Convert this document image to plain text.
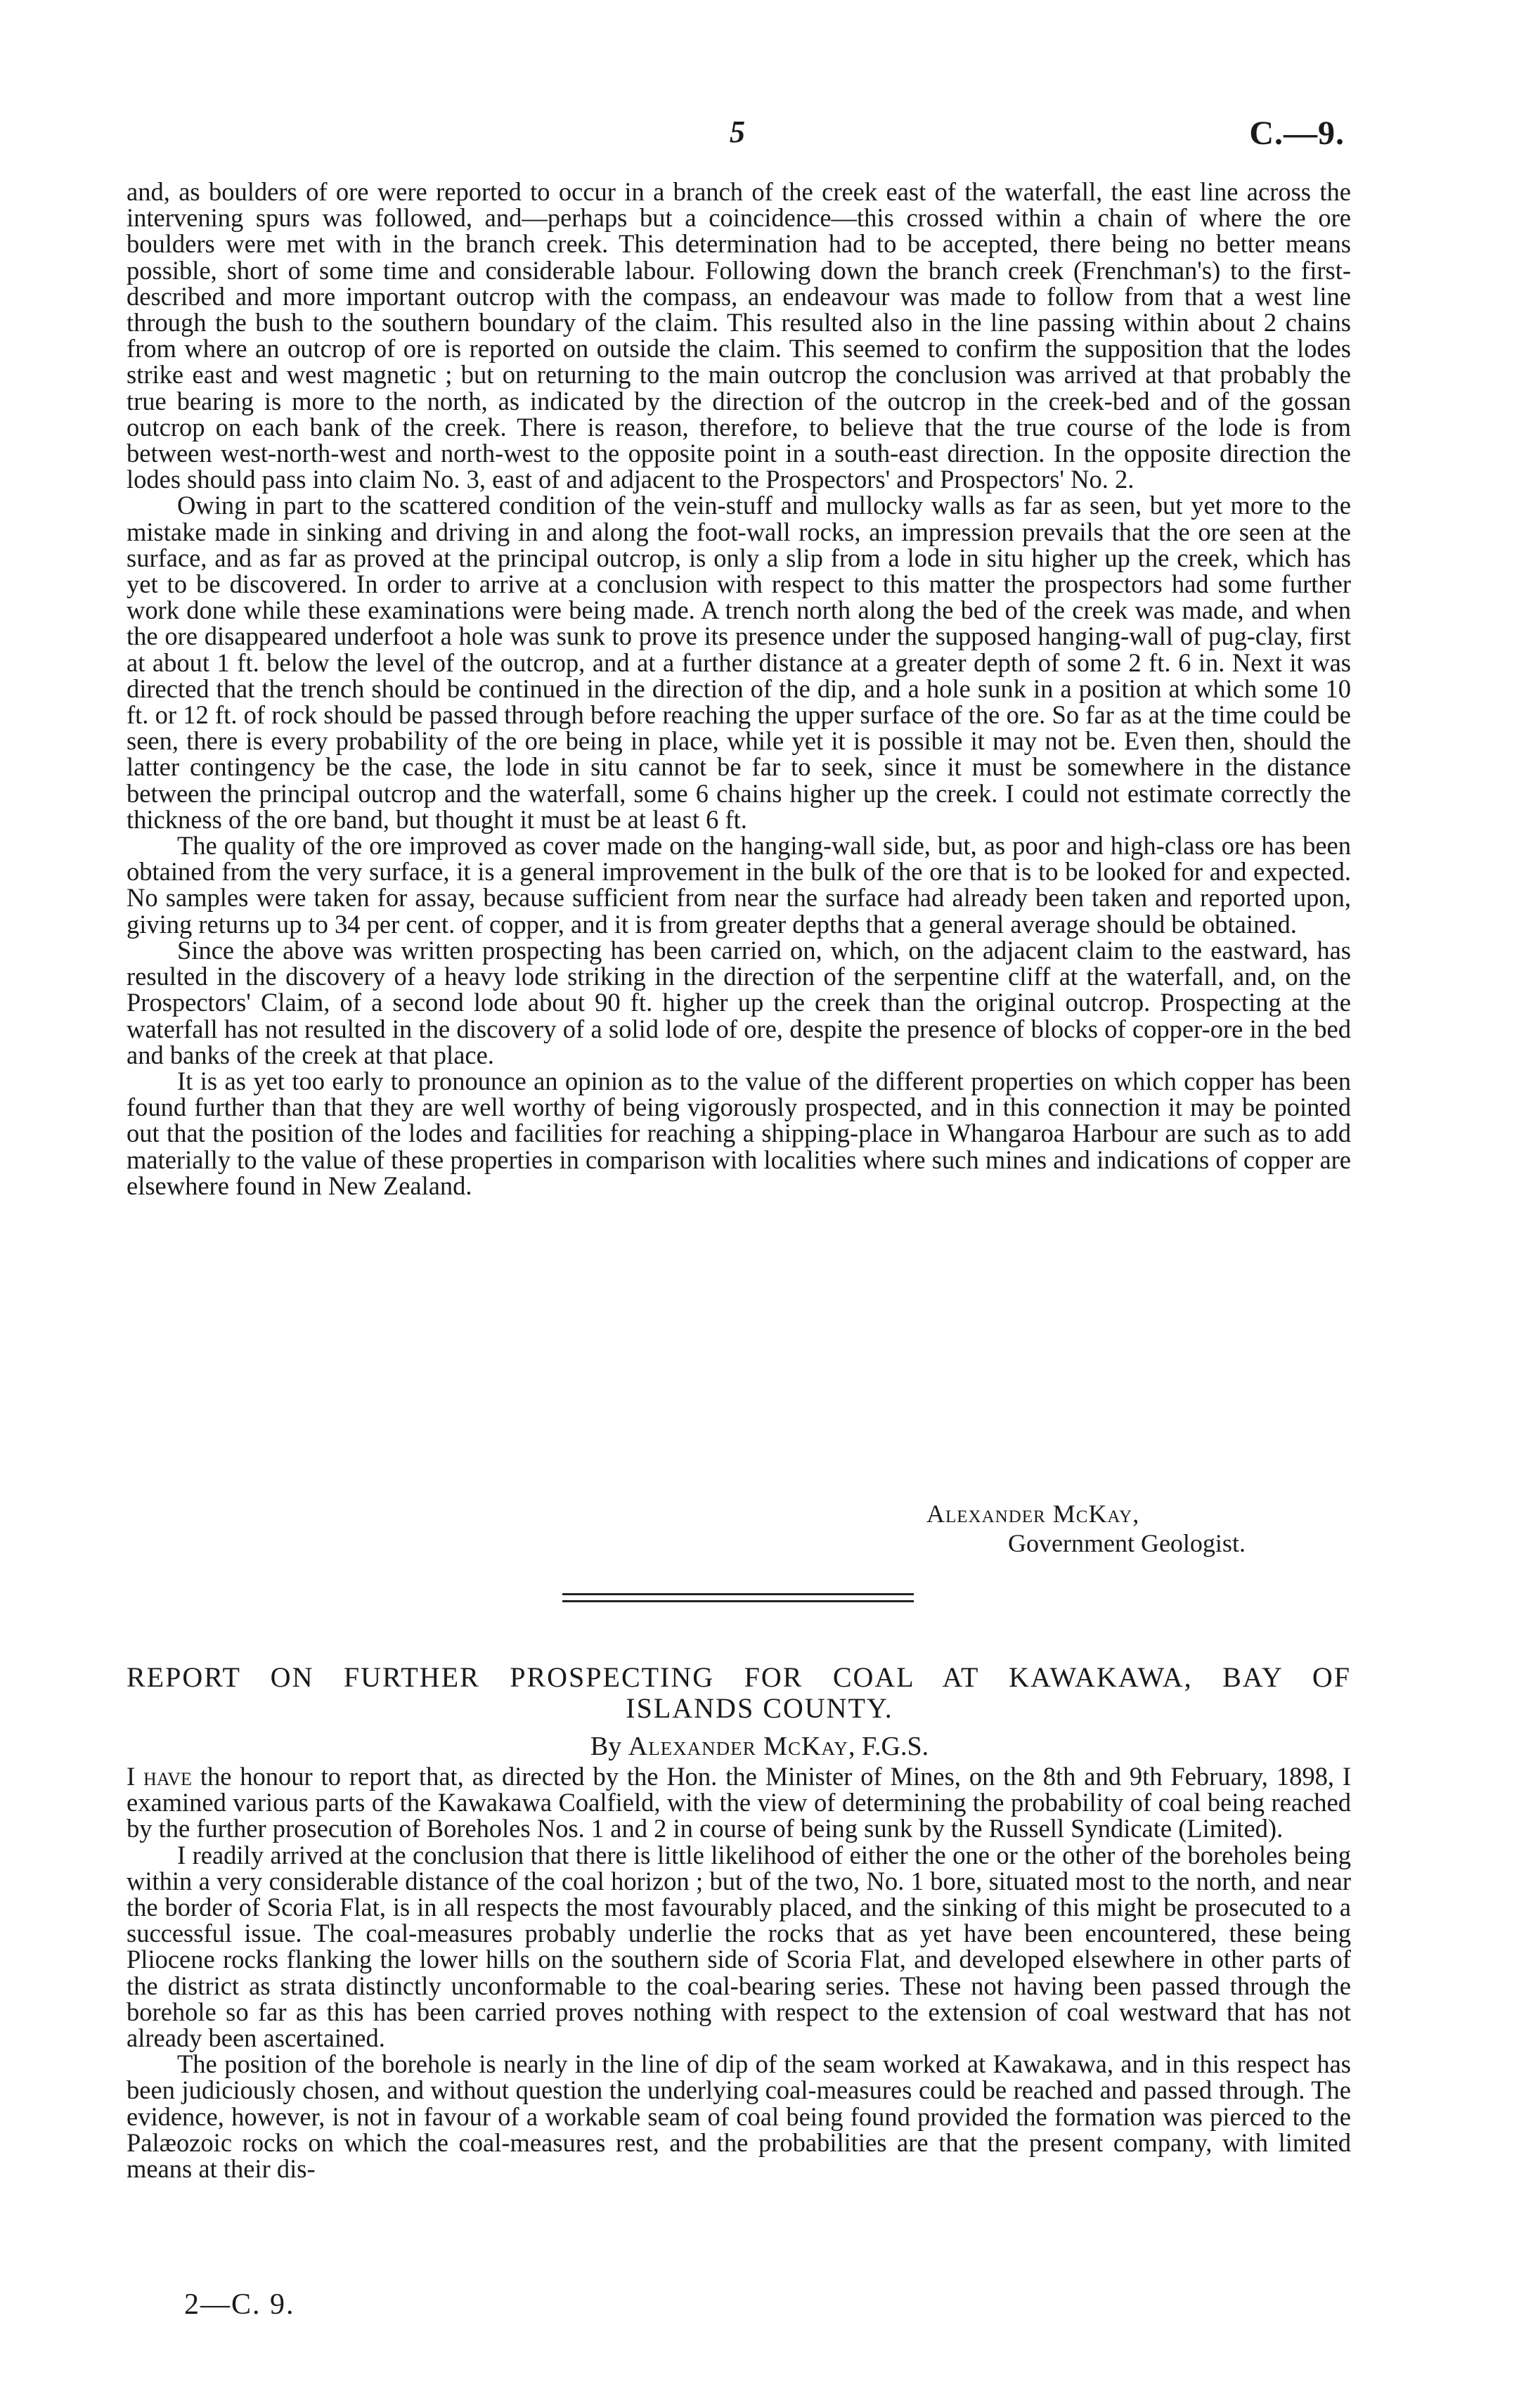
5	C.—9.

and, as boulders of ore were reported to occur in a branch of the creek east of the waterfall, the east line across the intervening spurs was followed, and—perhaps but a coincidence—this crossed within a chain of where the ore boulders were met with in the branch creek. This determination had to be accepted, there being no better means possible, short of some time and considerable labour. Following down the branch creek (Frenchman's) to the first-described and more important outcrop with the compass, an endeavour was made to follow from that a west line through the bush to the southern boundary of the claim. This resulted also in the line passing within about 2 chains from where an outcrop of ore is reported on outside the claim. This seemed to confirm the supposition that the lodes strike east and west magnetic ; but on returning to the main outcrop the conclusion was arrived at that probably the true bearing is more to the north, as indicated by the direction of the outcrop in the creek-bed and of the gossan outcrop on each bank of the creek. There is reason, therefore, to believe that the true course of the lode is from between west-north-west and north-west to the opposite point in a south-east direction. In the opposite direction the lodes should pass into claim No. 3, east of and adjacent to the Prospectors' and Prospectors' No. 2.

Owing in part to the scattered condition of the vein-stuff and mullocky walls as far as seen, but yet more to the mistake made in sinking and driving in and along the foot-wall rocks, an impression prevails that the ore seen at the surface, and as far as proved at the principal outcrop, is only a slip from a lode in situ higher up the creek, which has yet to be discovered. In order to arrive at a conclusion with respect to this matter the prospectors had some further work done while these examinations were being made. A trench north along the bed of the creek was made, and when the ore disappeared underfoot a hole was sunk to prove its presence under the supposed hanging-wall of pug-clay, first at about 1 ft. below the level of the outcrop, and at a further distance at a greater depth of some 2 ft. 6 in. Next it was directed that the trench should be continued in the direction of the dip, and a hole sunk in a position at which some 10 ft. or 12 ft. of rock should be passed through before reaching the upper surface of the ore. So far as at the time could be seen, there is every probability of the ore being in place, while yet it is possible it may not be. Even then, should the latter contingency be the case, the lode in situ cannot be far to seek, since it must be somewhere in the distance between the principal outcrop and the waterfall, some 6 chains higher up the creek. I could not estimate correctly the thickness of the ore band, but thought it must be at least 6 ft.

The quality of the ore improved as cover made on the hanging-wall side, but, as poor and high-class ore has been obtained from the very surface, it is a general improvement in the bulk of the ore that is to be looked for and expected. No samples were taken for assay, because sufficient from near the surface had already been taken and reported upon, giving returns up to 34 per cent. of copper, and it is from greater depths that a general average should be obtained.

Since the above was written prospecting has been carried on, which, on the adjacent claim to the eastward, has resulted in the discovery of a heavy lode striking in the direction of the serpentine cliff at the waterfall, and, on the Prospectors' Claim, of a second lode about 90 ft. higher up the creek than the original outcrop. Prospecting at the waterfall has not resulted in the discovery of a solid lode of ore, despite the presence of blocks of copper-ore in the bed and banks of the creek at that place.

It is as yet too early to pronounce an opinion as to the value of the different properties on which copper has been found further than that they are well worthy of being vigorously prospected, and in this connection it may be pointed out that the position of the lodes and facilities for reaching a shipping-place in Whangaroa Harbour are such as to add materially to the value of these properties in comparison with localities where such mines and indications of copper are elsewhere found in New Zealand.

Alexander McKay,
Government Geologist.
REPORT ON FURTHER PROSPECTING FOR COAL AT KAWAKAWA, BAY OF
ISLANDS COUNTY.
By Alexander McKay, F.G.S.

I have the honour to report that, as directed by the Hon. the Minister of Mines, on the 8th and 9th February, 1898, I examined various parts of the Kawakawa Coalfield, with the view of determining the probability of coal being reached by the further prosecution of Boreholes Nos. 1 and 2 in course of being sunk by the Russell Syndicate (Limited).

I readily arrived at the conclusion that there is little likelihood of either the one or the other of the boreholes being within a very considerable distance of the coal horizon ; but of the two, No. 1 bore, situated most to the north, and near the border of Scoria Flat, is in all respects the most favourably placed, and the sinking of this might be prosecuted to a successful issue. The coal-measures probably underlie the rocks that as yet have been encountered, these being Pliocene rocks flanking the lower hills on the southern side of Scoria Flat, and developed elsewhere in other parts of the district as strata distinctly unconformable to the coal-bearing series. These not having been passed through the borehole so far as this has been carried proves nothing with respect to the extension of coal westward that has not already been ascertained.

The position of the borehole is nearly in the line of dip of the seam worked at Kawakawa, and in this respect has been judiciously chosen, and without question the underlying coal-measures could be reached and passed through. The evidence, however, is not in favour of a workable seam of coal being found provided the formation was pierced to the Palæozoic rocks on which the coal-measures rest, and the probabilities are that the present company, with limited means at their dis-

2—C. 9.
